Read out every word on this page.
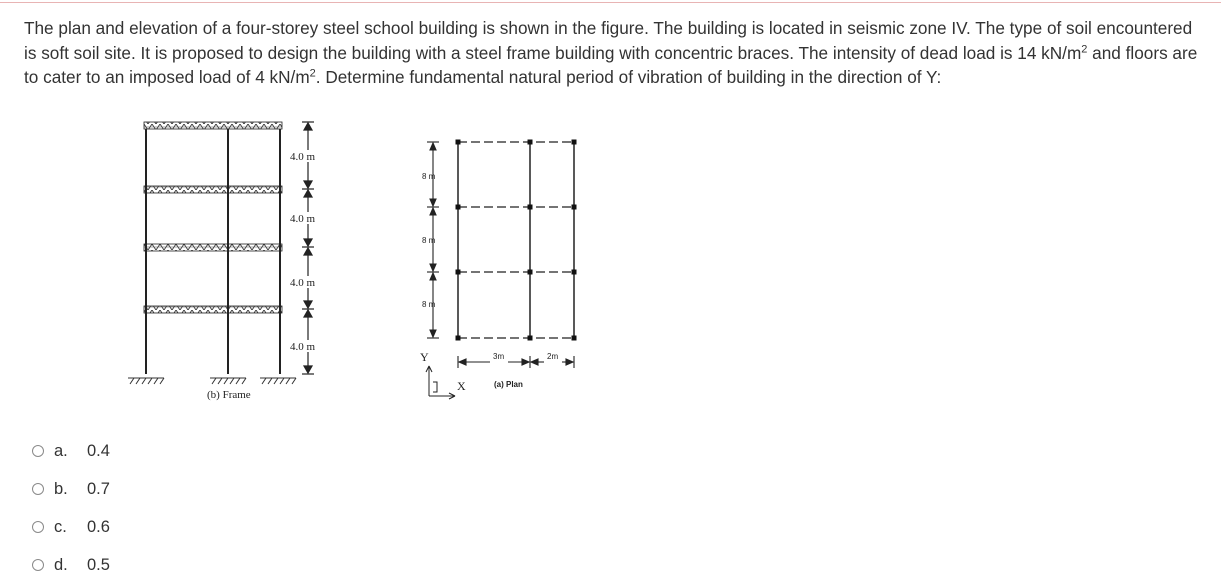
The plan and elevation of a four-storey steel school building is shown in the figure. The building is located in seismic zone IV. The type of soil encountered is soft soil site. It is proposed to design the building with a steel frame building with concentric braces. The intensity of dead load is 14 $kN/m^2$ and floors are to cater to an imposed load of 4 $kN/m^2$. Determine fundamental natural period of vibration of building in the direction of Y:

4.0 m
4.0 m
4.0 m
4.0 m
(b) Frame
8 m
8 m
8 m
3m	2m
Y
X	(a) Plan
a.	0.4
b.	0.7
c.	0.6
d.	0.5
